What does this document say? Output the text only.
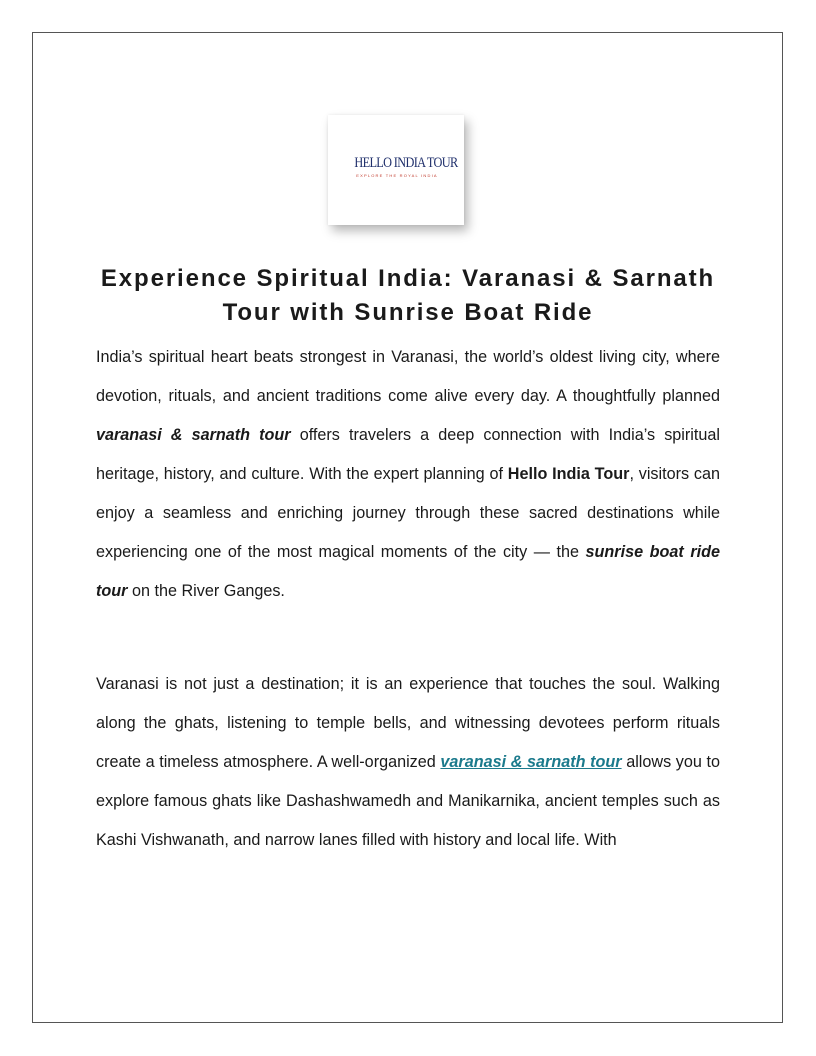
HELLO INDIA TOUR
EXPLORE THE ROYAL INDIA
Experience Spiritual India: Varanasi & Sarnath Tour with Sunrise Boat Ride

India’s spiritual heart beats strongest in Varanasi, the world’s oldest living city, where devotion, rituals, and ancient traditions come alive every day. A thoughtfully planned varanasi & sarnath tour offers travelers a deep connection with India’s spiritual heritage, history, and culture. With the expert planning of Hello India Tour, visitors can enjoy a seamless and enriching journey through these sacred destinations while experiencing one of the most magical moments of the city — the sunrise boat ride tour on the River Ganges.

Varanasi is not just a destination; it is an experience that touches the soul. Walking along the ghats, listening to temple bells, and witnessing devotees perform rituals create a timeless atmosphere. A well-organized varanasi & sarnath tour allows you to explore famous ghats like Dashashwamedh and Manikarnika, ancient temples such as Kashi Vishwanath, and narrow lanes filled with history and local life. With
